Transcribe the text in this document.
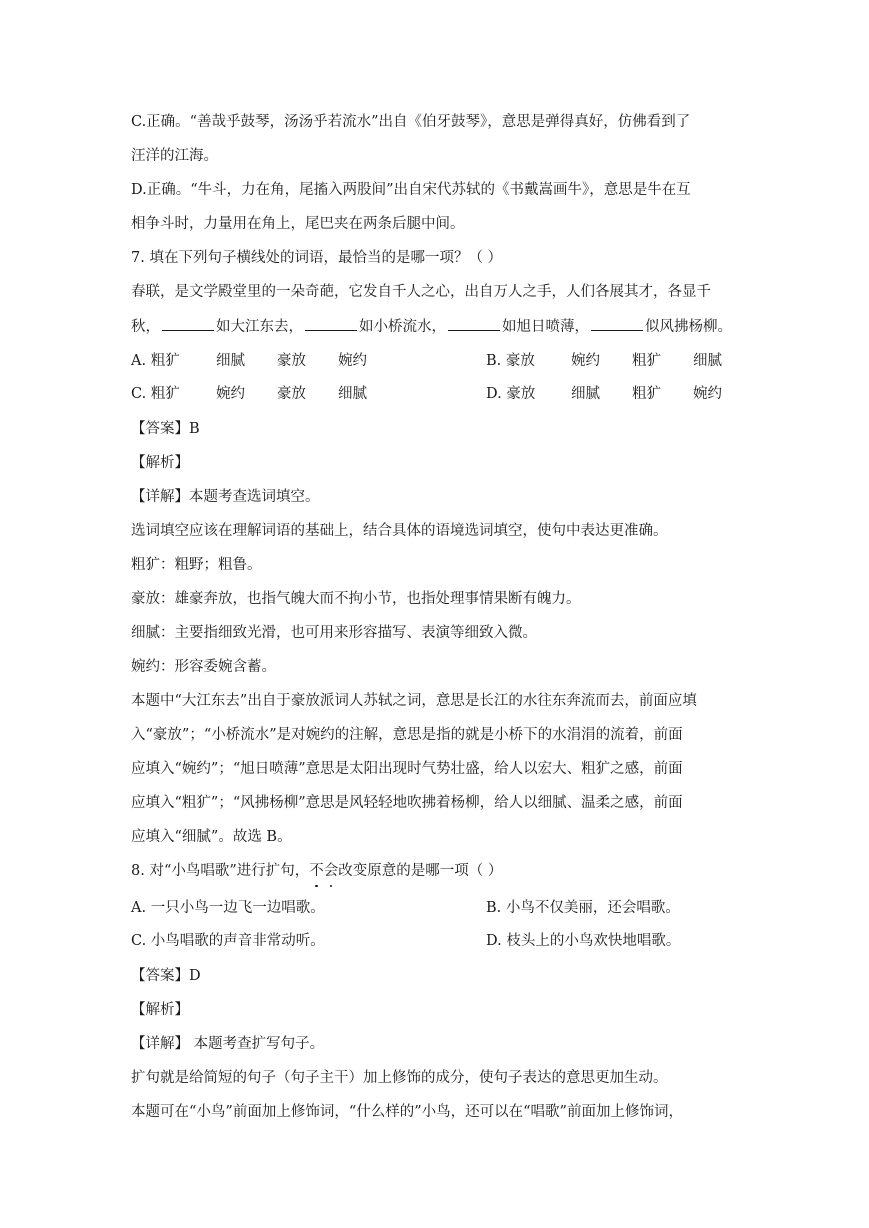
C.正确。“善哉乎鼓琴，汤汤乎若流水”出自《伯牙鼓琴》，意思是弹得真好，仿佛看到了
汪洋的江海。
D.正确。“牛斗，力在角，尾搐入两股间”出自宋代苏轼的《书戴嵩画牛》，意思是牛在互
相争斗时，力量用在角上，尾巴夹在两条后腿中间。
7. 填在下列句子横线处的词语，最恰当的是哪一项？（ ）
春联，是文学殿堂里的一朵奇葩，它发自千人之心，出自万人之手，人们各展其才，各显千
秋，	如大江东去，	如小桥流水，	如旭日喷薄，	似风拂杨柳。
A. 粗犷	细腻 豪放 婉约	B. 豪放 婉约 粗犷 细腻
C. 粗犷 婉约 豪放 细腻	D. 豪放 细腻 粗犷 婉约
【答案】B
【解析】
【详解】本题考查选词填空。
选词填空应该在理解词语的基础上，结合具体的语境选词填空，使句中表达更准确。
粗犷：粗野；粗鲁。
豪放：雄豪奔放，也指气魄大而不拘小节，也指处理事情果断有魄力。
细腻：主要指细致光滑，也可用来形容描写、表演等细致入微。
婉约：形容委婉含蓄。
本题中“大江东去”出自于豪放派词人苏轼之词，意思是长江的水往东奔流而去，前面应填
入“豪放”；“小桥流水”是对婉约的注解，意思是指的就是小桥下的水涓涓的流着，前面
应填入“婉约”；“旭日喷薄”意思是太阳出现时气势壮盛，给人以宏大、粗犷之感，前面
应填入“粗犷”；“风拂杨柳”意思是风轻轻地吹拂着杨柳，给人以细腻、温柔之感，前面
应填入“细腻”。故选 B。
8. 对“小鸟唱歌”进行扩句，不会改变原意的是哪一项（ ）
A. 一只小鸟一边飞一边唱歌。	B. 小鸟不仅美丽，还会唱歌。
C. 小鸟唱歌的声音非常动听。	D. 枝头上的小鸟欢快地唱歌。
【答案】D
【解析】
【详解】 本题考查扩写句子。
扩句就是给简短的句子（句子主干）加上修饰的成分，使句子表达的意思更加生动。
本题可在“小鸟”前面加上修饰词，“什么样的”小鸟，还可以在“唱歌”前面加上修饰词，
